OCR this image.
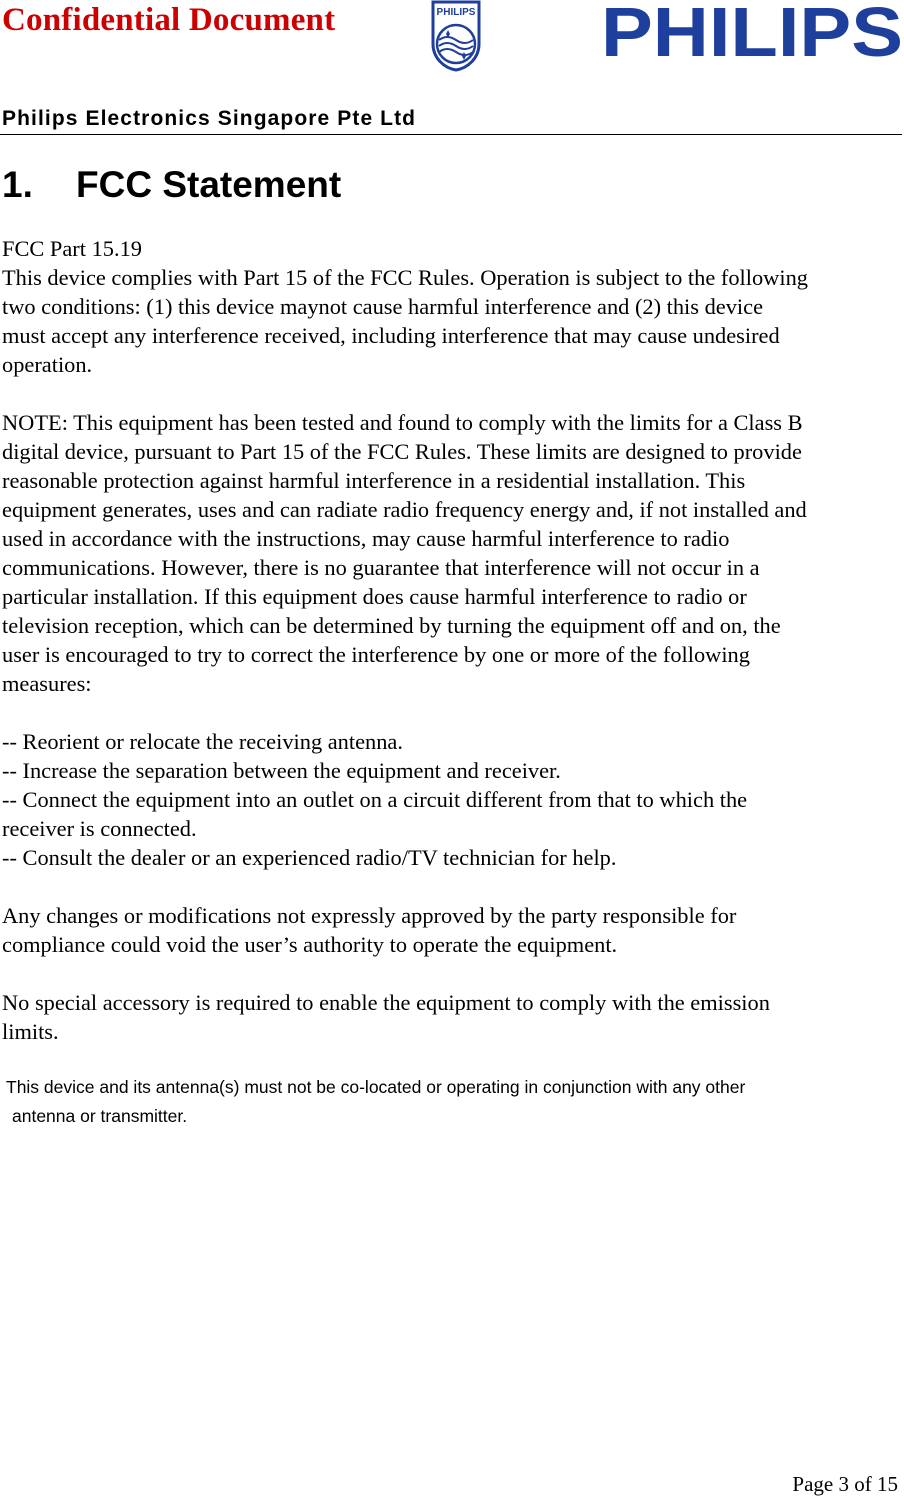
Confidential Document	PHILIPS PHILIPS
Philips Electronics Singapore Pte Ltd
1. FCC Statement

FCC Part 15.19

This device complies with Part 15 of the FCC Rules. Operation is subject to the following
two conditions: (1) this device maynot cause harmful interference and (2) this device
must accept any interference received, including interference that may cause undesired
operation.

NOTE: This equipment has been tested and found to comply with the limits for a Class B
digital device, pursuant to Part 15 of the FCC Rules. These limits are designed to provide
reasonable protection against harmful interference in a residential installation. This
equipment generates, uses and can radiate radio frequency energy and, if not installed and
used in accordance with the instructions, may cause harmful interference to radio
communications. However, there is no guarantee that interference will not occur in a
particular installation. If this equipment does cause harmful interference to radio or
television reception, which can be determined by turning the equipment off and on, the
user is encouraged to try to correct the interference by one or more of the following
measures:

-- Reorient or relocate the receiving antenna.
-- Increase the separation between the equipment and receiver.
-- Connect the equipment into an outlet on a circuit different from that to which the
receiver is connected.
-- Consult the dealer or an experienced radio/TV technician for help.

Any changes or modifications not expressly approved by the party responsible for
compliance could void the user’s authority to operate the equipment.

No special accessory is required to enable the equipment to comply with the emission
limits.

This device and its antenna(s) must not be co-located or operating in conjunction with any other
antenna or transmitter.
Page 3 of 15
